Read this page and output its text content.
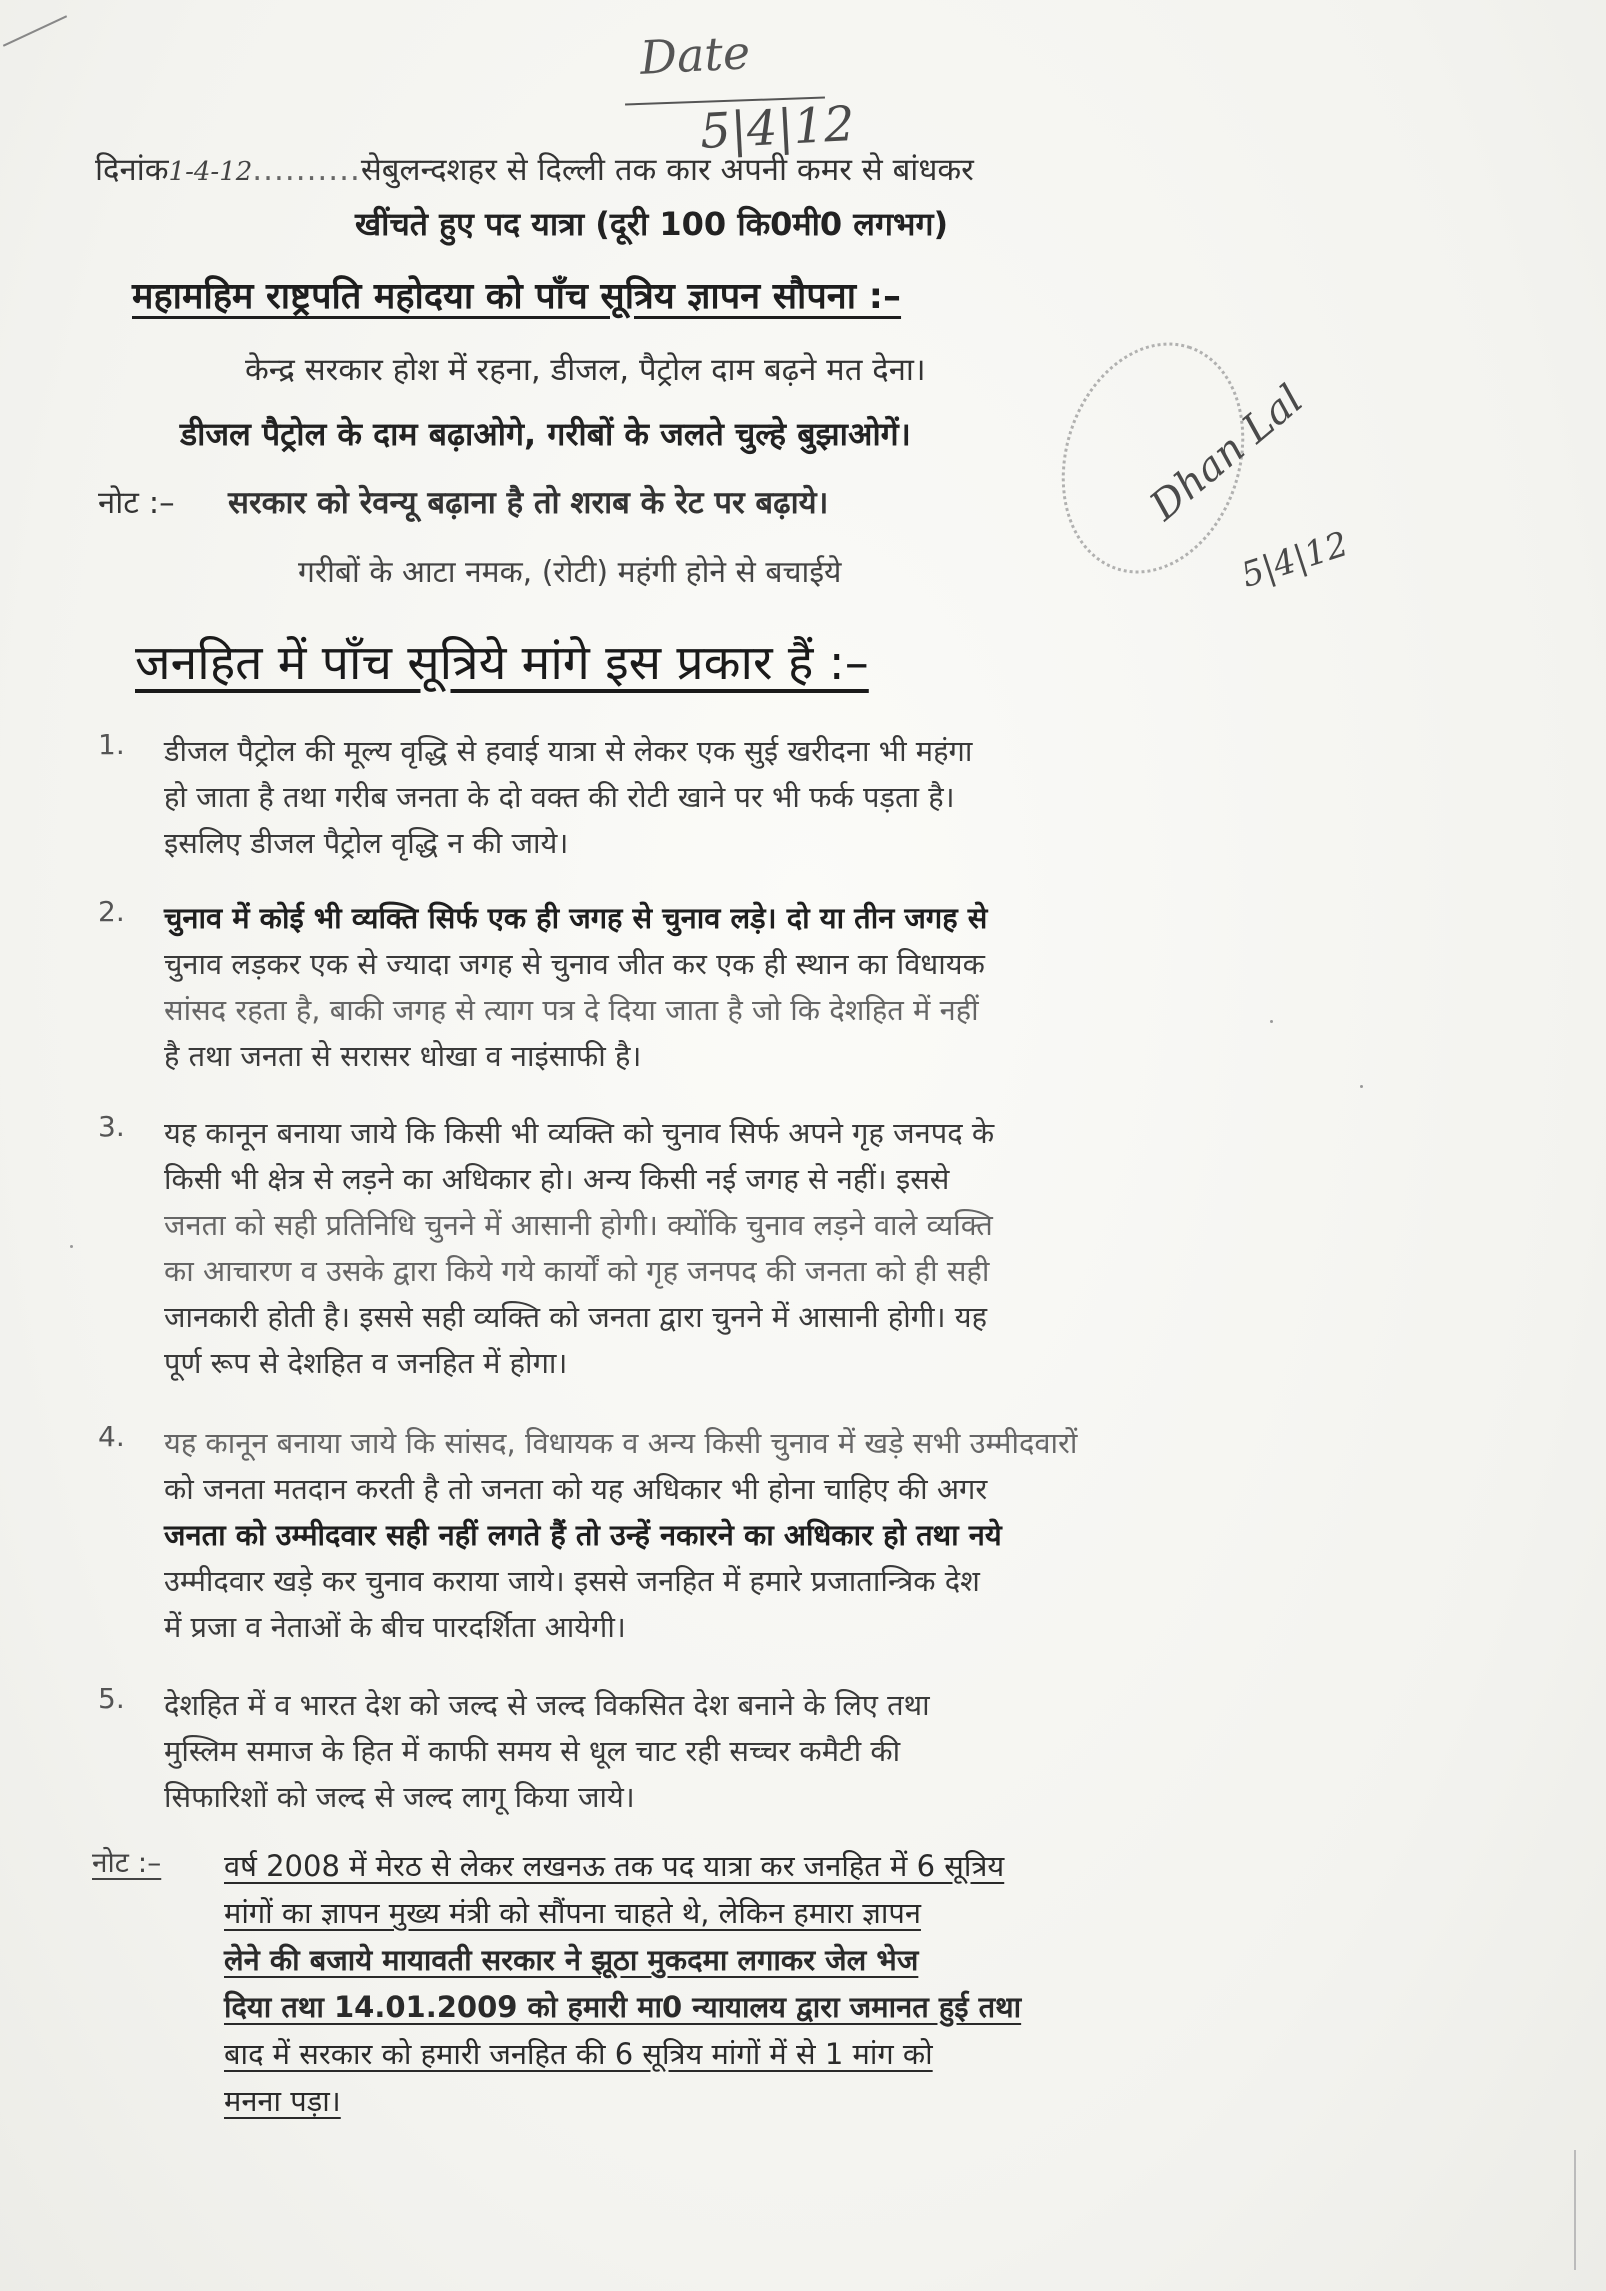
Date
5|4|12
दिनांक1-4-12..........सेबुलन्दशहर से दिल्ली तक कार अपनी कमर से बांधकर
खींचते हुए पद यात्रा (दूरी 100 कि0मी0 लगभग)
महामहिम राष्ट्रपति महोदया को पाँच सूत्रिय ज्ञापन सौपना :–
केन्द्र सरकार होश में रहना, डीजल, पैट्रोल दाम बढ़ने मत देना।
डीजल पैट्रोल के दाम बढ़ाओगे, गरीबों के जलते चुल्हे बुझाओगें।
नोट :– सरकार को रेवन्यू बढ़ाना है तो शराब के रेट पर बढ़ाये।
गरीबों के आटा नमक, (रोटी) महंगी होने से बचाईये
Dhan Lal
5|4|12
जनहित में पाँच सूत्रिये मांगे इस प्रकार हैं :–
1. डीजल पैट्रोल की मूल्य वृद्धि से हवाई यात्रा से लेकर एक सुई खरीदना भी महंगा
हो जाता है तथा गरीब जनता के दो वक्त की रोटी खाने पर भी फर्क पड़ता है।
इसलिए डीजल पैट्रोल वृद्धि न की जाये।
2. चुनाव में कोई भी व्यक्ति सिर्फ एक ही जगह से चुनाव लड़े। दो या तीन जगह से
चुनाव लड़कर एक से ज्यादा जगह से चुनाव जीत कर एक ही स्थान का विधायक
सांसद रहता है, बाकी जगह से त्याग पत्र दे दिया जाता है जो कि देशहित में नहीं
है तथा जनता से सरासर धोखा व नाइंसाफी है।
3. यह कानून बनाया जाये कि किसी भी व्यक्ति को चुनाव सिर्फ अपने गृह जनपद के
किसी भी क्षेत्र से लड़ने का अधिकार हो। अन्य किसी नई जगह से नहीं। इससे
जनता को सही प्रतिनिधि चुनने में आसानी होगी। क्योंकि चुनाव लड़ने वाले व्यक्ति
का आचारण व उसके द्वारा किये गये कार्यों को गृह जनपद की जनता को ही सही
जानकारी होती है। इससे सही व्यक्ति को जनता द्वारा चुनने में आसानी होगी। यह
पूर्ण रूप से देशहित व जनहित में होगा।
4. यह कानून बनाया जाये कि सांसद, विधायक व अन्य किसी चुनाव में खड़े सभी उम्मीदवारों
को जनता मतदान करती है तो जनता को यह अधिकार भी होना चाहिए की अगर
जनता को उम्मीदवार सही नहीं लगते हैं तो उन्हें नकारने का अधिकार हो तथा नये
उम्मीदवार खड़े कर चुनाव कराया जाये। इससे जनहित में हमारे प्रजातान्त्रिक देश
में प्रजा व नेताओं के बीच पारदर्शिता आयेगी।
5. देशहित में व भारत देश को जल्द से जल्द विकसित देश बनाने के लिए तथा
मुस्लिम समाज के हित में काफी समय से धूल चाट रही सच्चर कमैटी की
सिफारिशों को जल्द से जल्द लागू किया जाये।
नोट :– वर्ष 2008 में मेरठ से लेकर लखनऊ तक पद यात्रा कर जनहित में 6 सूत्रिय
मांगों का ज्ञापन मुख्य मंत्री को सौंपना चाहते थे, लेकिन हमारा ज्ञापन
लेने की बजाये मायावती सरकार ने झूठा मुकदमा लगाकर जेल भेज
दिया तथा 14.01.2009 को हमारी मा0 न्यायालय द्वारा जमानत हुई तथा
बाद में सरकार को हमारी जनहित की 6 सूत्रिय मांगों में से 1 मांग को
मनना पड़ा।
